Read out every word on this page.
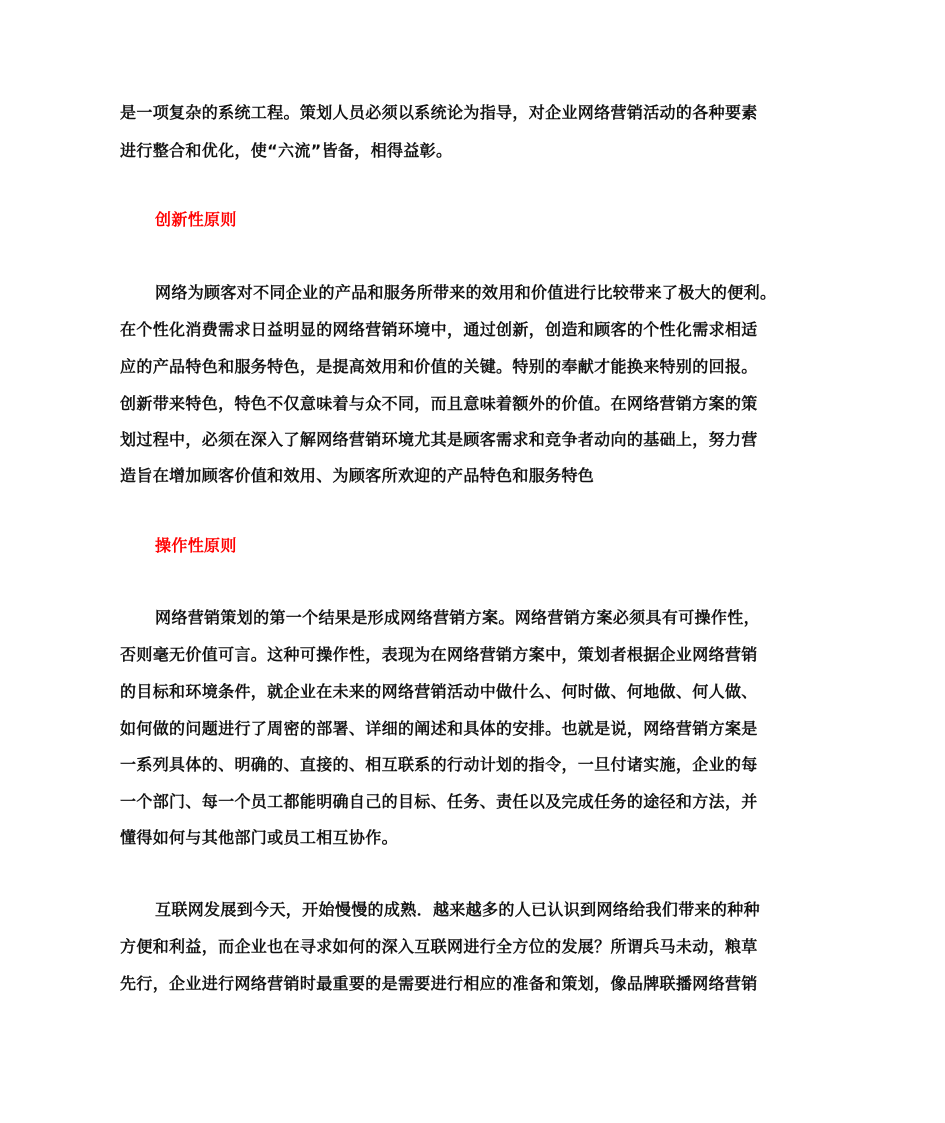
是一项复杂的系统工程。策划人员必须以系统论为指导，对企业网络营销活动的各种要素
进行整合和优化，使“六流”皆备，相得益彰。
创新性原则
网络为顾客对不同企业的产品和服务所带来的效用和价值进行比较带来了极大的便利。
在个性化消费需求日益明显的网络营销环境中，通过创新，创造和顾客的个性化需求相适
应的产品特色和服务特色，是提高效用和价值的关键。特别的奉献才能换来特别的回报。
创新带来特色，特色不仅意味着与众不同，而且意味着额外的价值。在网络营销方案的策
划过程中，必须在深入了解网络营销环境尤其是顾客需求和竞争者动向的基础上，努力营
造旨在增加顾客价值和效用、为顾客所欢迎的产品特色和服务特色
操作性原则
网络营销策划的第一个结果是形成网络营销方案。网络营销方案必须具有可操作性，
否则毫无价值可言。这种可操作性，表现为在网络营销方案中，策划者根据企业网络营销
的目标和环境条件，就企业在未来的网络营销活动中做什么、何时做、何地做、何人做、
如何做的问题进行了周密的部署、详细的阐述和具体的安排。也就是说，网络营销方案是
一系列具体的、明确的、直接的、相互联系的行动计划的指令，一旦付诸实施，企业的每
一个部门、每一个员工都能明确自己的目标、任务、责任以及完成任务的途径和方法，并
懂得如何与其他部门或员工相互协作。
互联网发展到今天，开始慢慢的成熟．越来越多的人已认识到网络给我们带来的种种
方便和利益，而企业也在寻求如何的深入互联网进行全方位的发展？所谓兵马未动，粮草
先行，企业进行网络营销时最重要的是需要进行相应的准备和策划，像品牌联播网络营销
